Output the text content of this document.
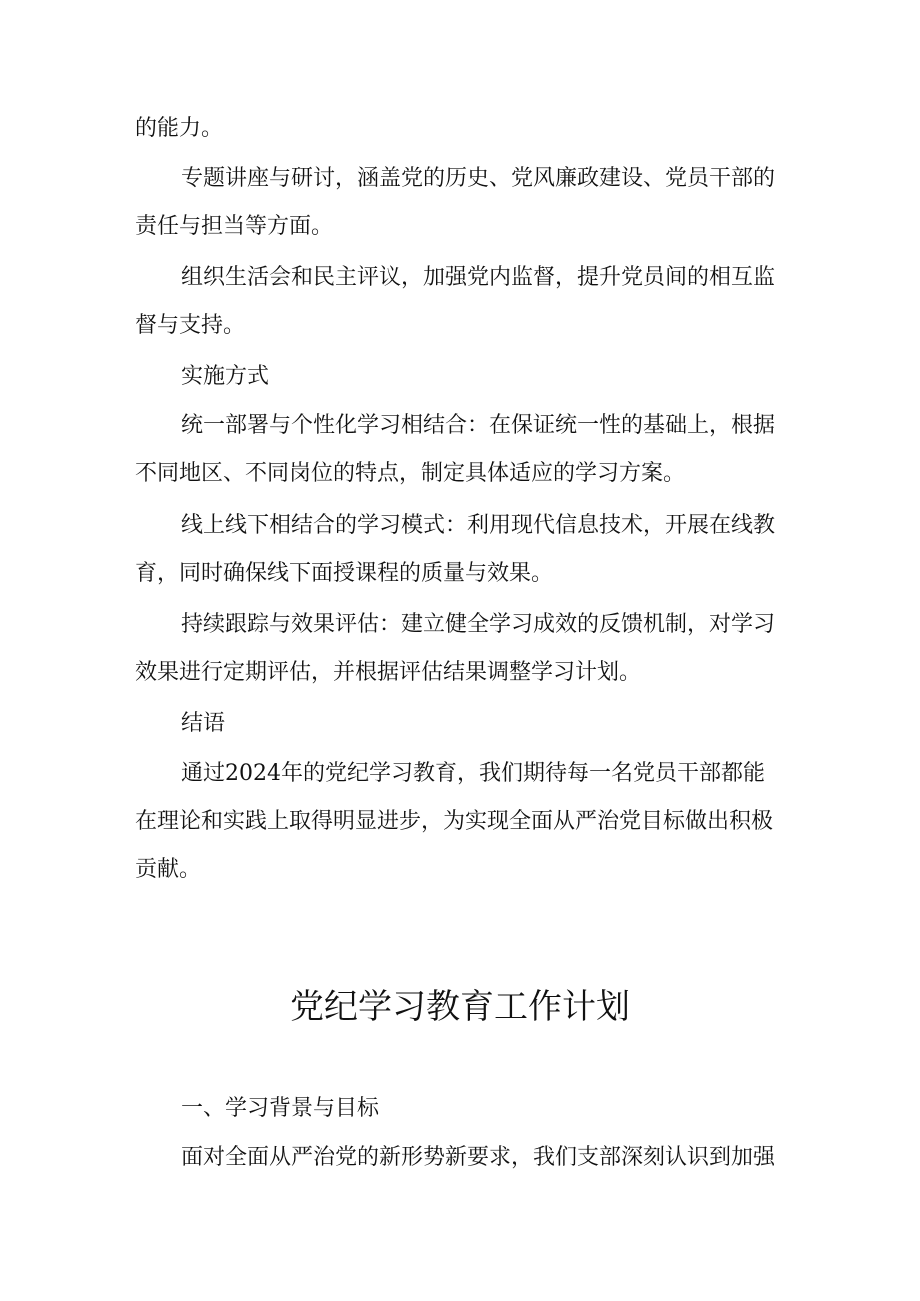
的能力。

专题讲座与研讨，涵盖党的历史、党风廉政建设、党员干部的责任与担当等方面。

组织生活会和民主评议，加强党内监督，提升党员间的相互监督与支持。

实施方式

统一部署与个性化学习相结合：在保证统一性的基础上，根据不同地区、不同岗位的特点，制定具体适应的学习方案。

线上线下相结合的学习模式：利用现代信息技术，开展在线教育，同时确保线下面授课程的质量与效果。

持续跟踪与效果评估：建立健全学习成效的反馈机制，对学习效果进行定期评估，并根据评估结果调整学习计划。

结语

通过2024年的党纪学习教育，我们期待每一名党员干部都能在理论和实践上取得明显进步，为实现全面从严治党目标做出积极贡献。

党纪学习教育工作计划

一、学习背景与目标

面对全面从严治党的新形势新要求，我们支部深刻认识到加强
